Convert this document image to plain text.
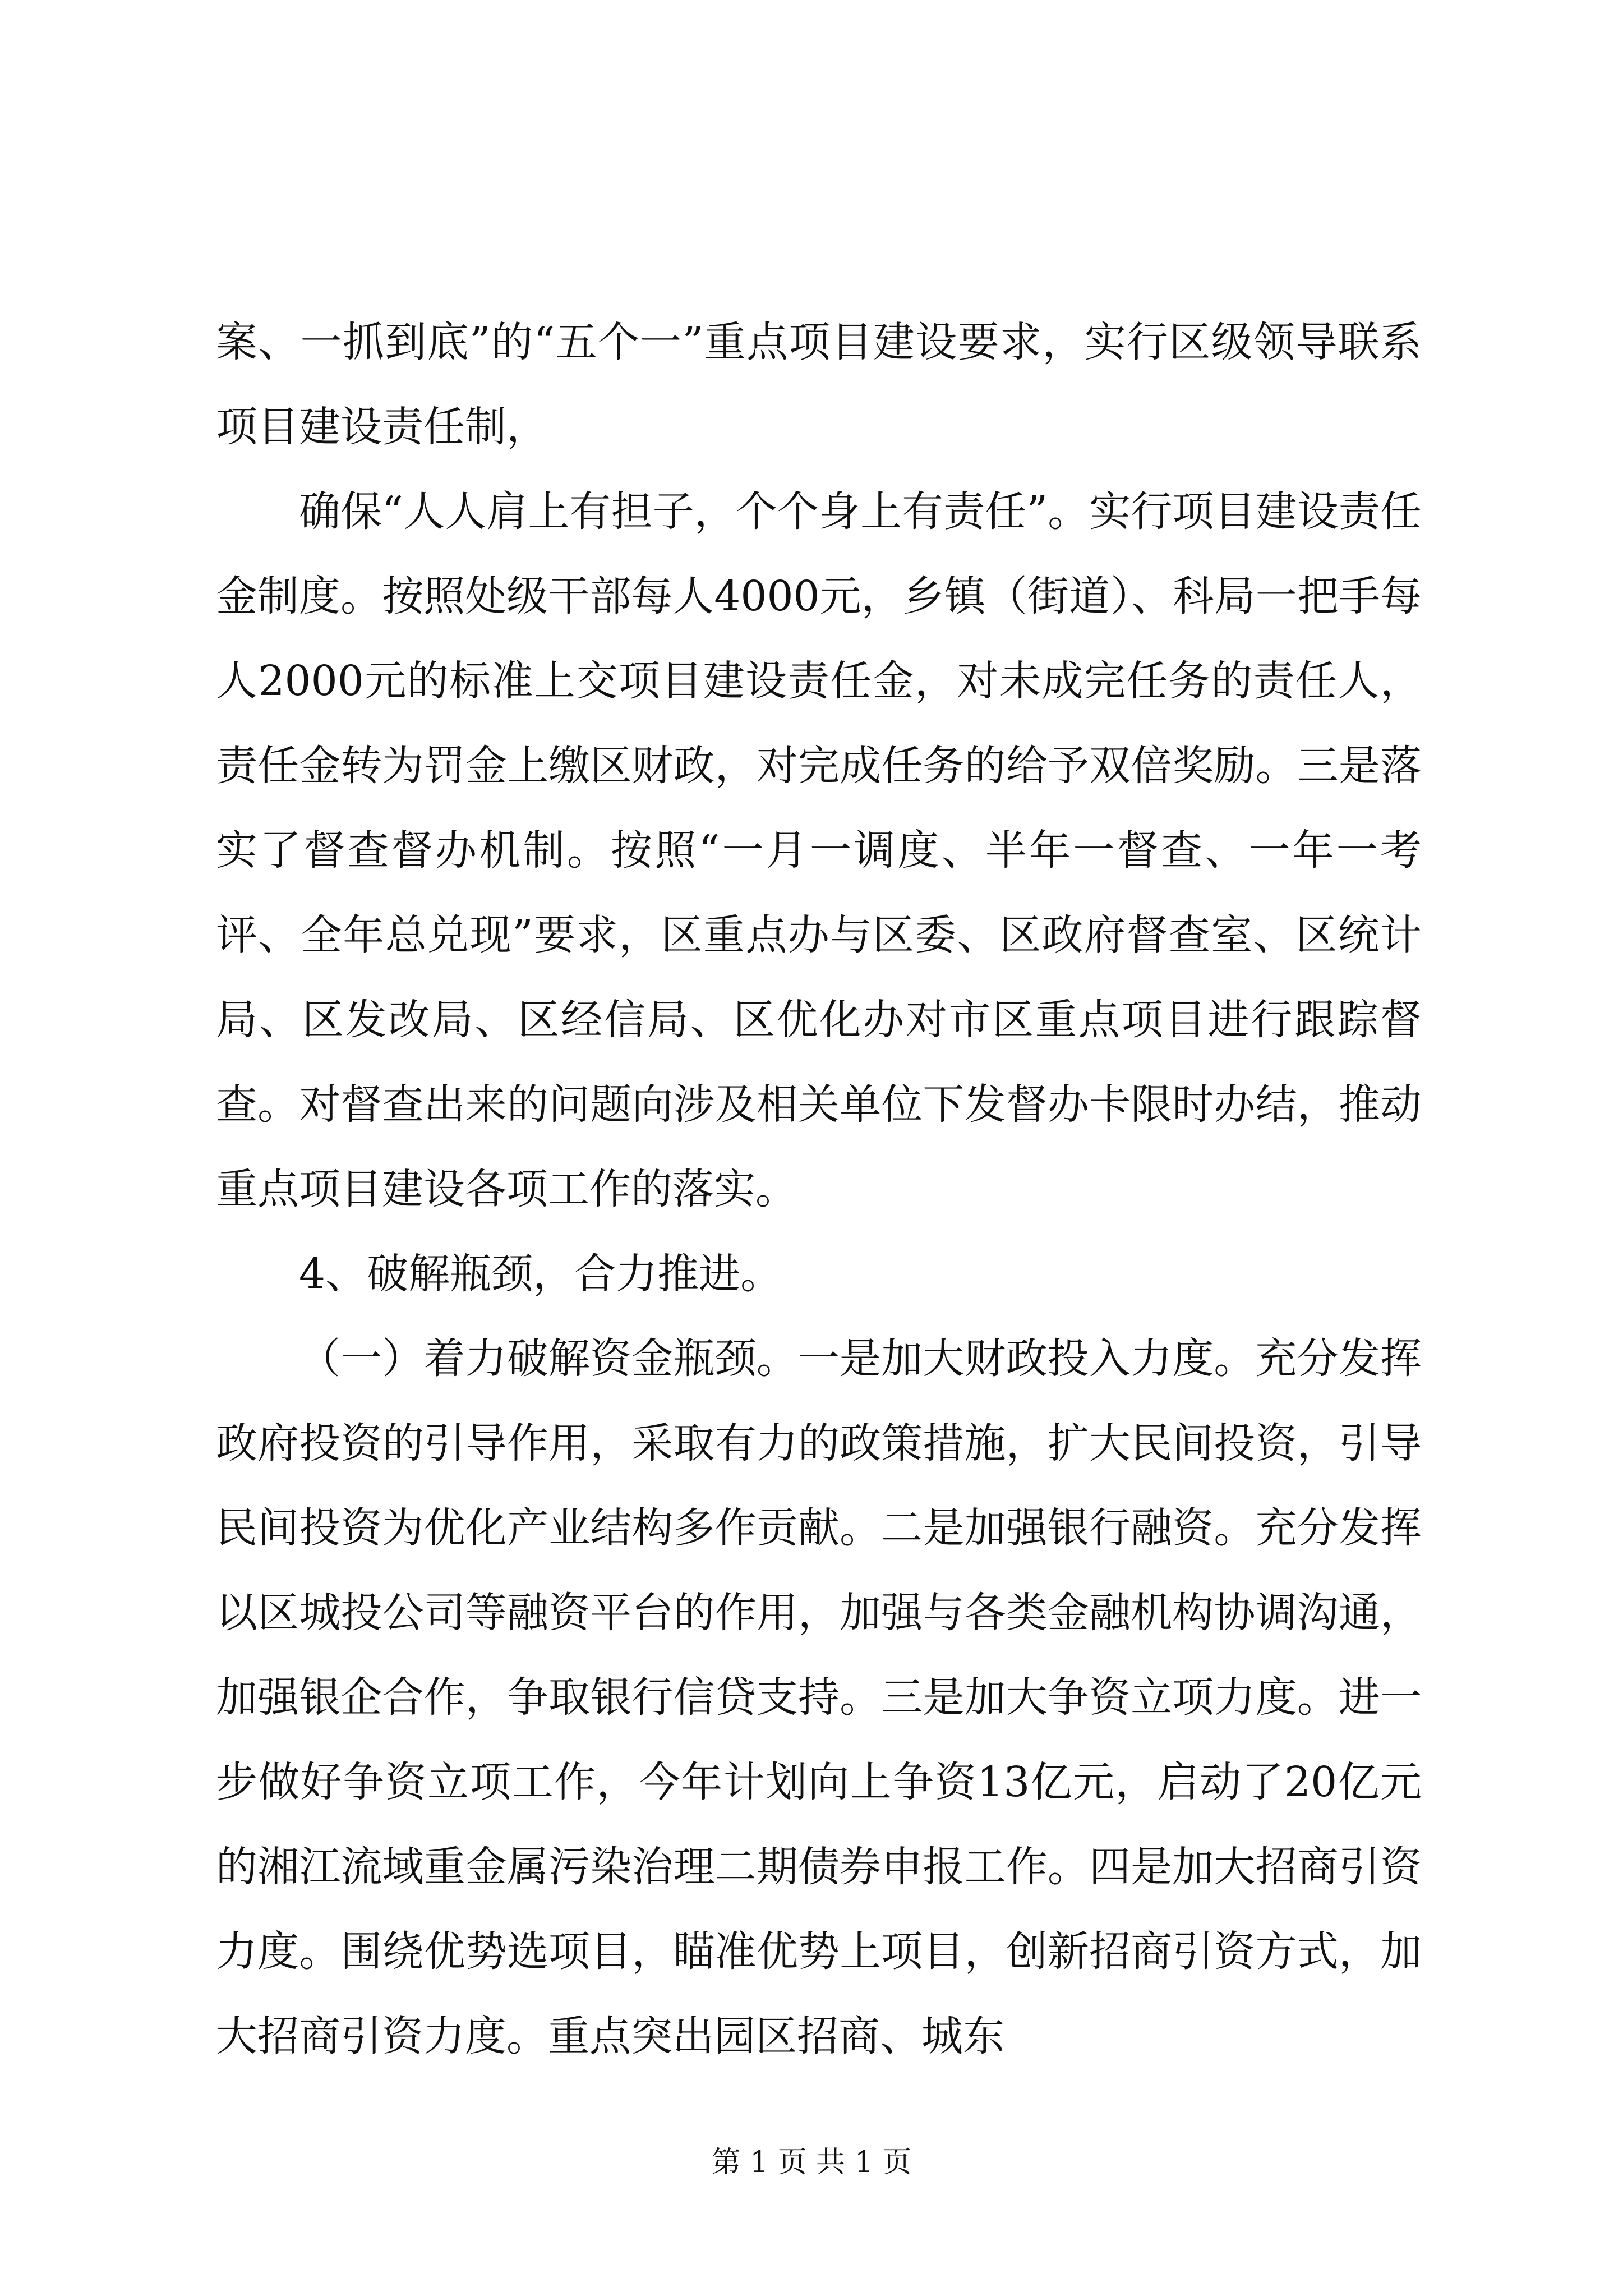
案、一抓到底”的“五个一”重点项目建设要求，实行区级领导联系项目建设责任制，

确保“人人肩上有担子，个个身上有责任”。实行项目建设责任金制度。按照处级干部每人4000元，乡镇（街道）、科局一把手每人2000元的标准上交项目建设责任金，对未成完任务的责任人，责任金转为罚金上缴区财政，对完成任务的给予双倍奖励。三是落实了督查督办机制。按照“一月一调度、半年一督查、一年一考评、全年总兑现”要求，区重点办与区委、区政府督查室、区统计局、区发改局、区经信局、区优化办对市区重点项目进行跟踪督查。对督查出来的问题向涉及相关单位下发督办卡限时办结，推动重点项目建设各项工作的落实。

4、破解瓶颈，合力推进。

（一）着力破解资金瓶颈。一是加大财政投入力度。充分发挥政府投资的引导作用，采取有力的政策措施，扩大民间投资，引导民间投资为优化产业结构多作贡献。二是加强银行融资。充分发挥以区城投公司等融资平台的作用，加强与各类金融机构协调沟通，加强银企合作，争取银行信贷支持。三是加大争资立项力度。进一步做好争资立项工作，今年计划向上争资13亿元，启动了20亿元的湘江流域重金属污染治理二期债券申报工作。四是加大招商引资力度。围绕优势选项目，瞄准优势上项目，创新招商引资方式，加大招商引资力度。重点突出园区招商、城东

第 1 页 共 1 页
